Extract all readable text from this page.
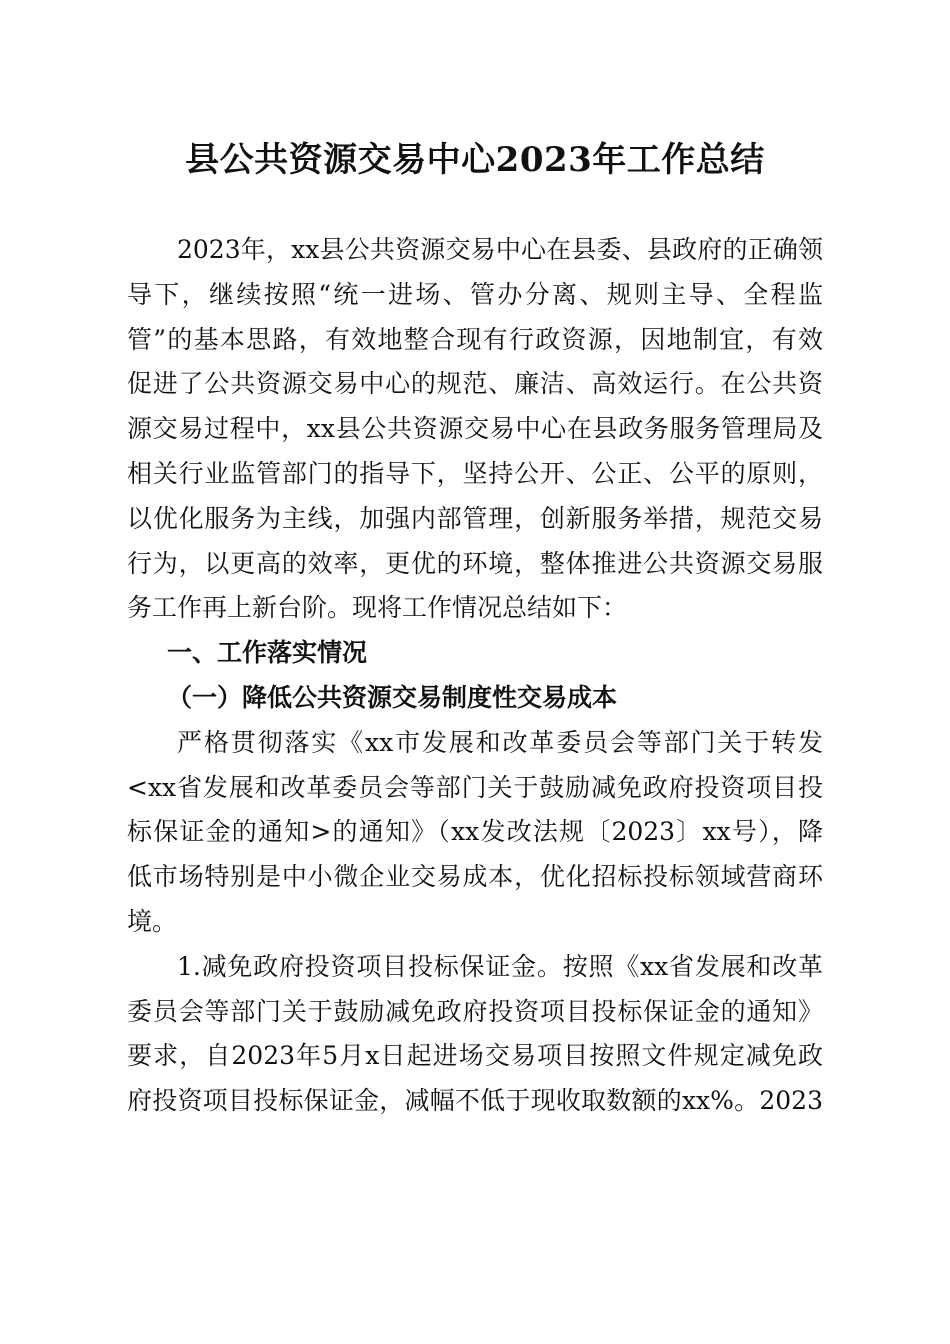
县公共资源交易中心2023年工作总结
2023年，xx县公共资源交易中心在县委、县政府的正确领
导下，继续按照“统一进场、管办分离、规则主导、全程监
管”的基本思路，有效地整合现有行政资源，因地制宜，有效
促进了公共资源交易中心的规范、廉洁、高效运行。在公共资
源交易过程中，xx县公共资源交易中心在县政务服务管理局及
相关行业监管部门的指导下，坚持公开、公正、公平的原则，
以优化服务为主线，加强内部管理，创新服务举措，规范交易
行为，以更高的效率，更优的环境，整体推进公共资源交易服
务工作再上新台阶。现将工作情况总结如下：
一、工作落实情况
（一）降低公共资源交易制度性交易成本
严格贯彻落实《xx市发展和改革委员会等部门关于转发
<xx省发展和改革委员会等部门关于鼓励减免政府投资项目投
标保证金的通知>的通知》（xx发改法规〔2023〕xx号），降
低市场特别是中小微企业交易成本，优化招标投标领域营商环
境。
1.减免政府投资项目投标保证金。按照《xx省发展和改革
委员会等部门关于鼓励减免政府投资项目投标保证金的通知》
要求，自2023年5月x日起进场交易项目按照文件规定减免政
府投资项目投标保证金，减幅不低于现收取数额的xx%。2023
